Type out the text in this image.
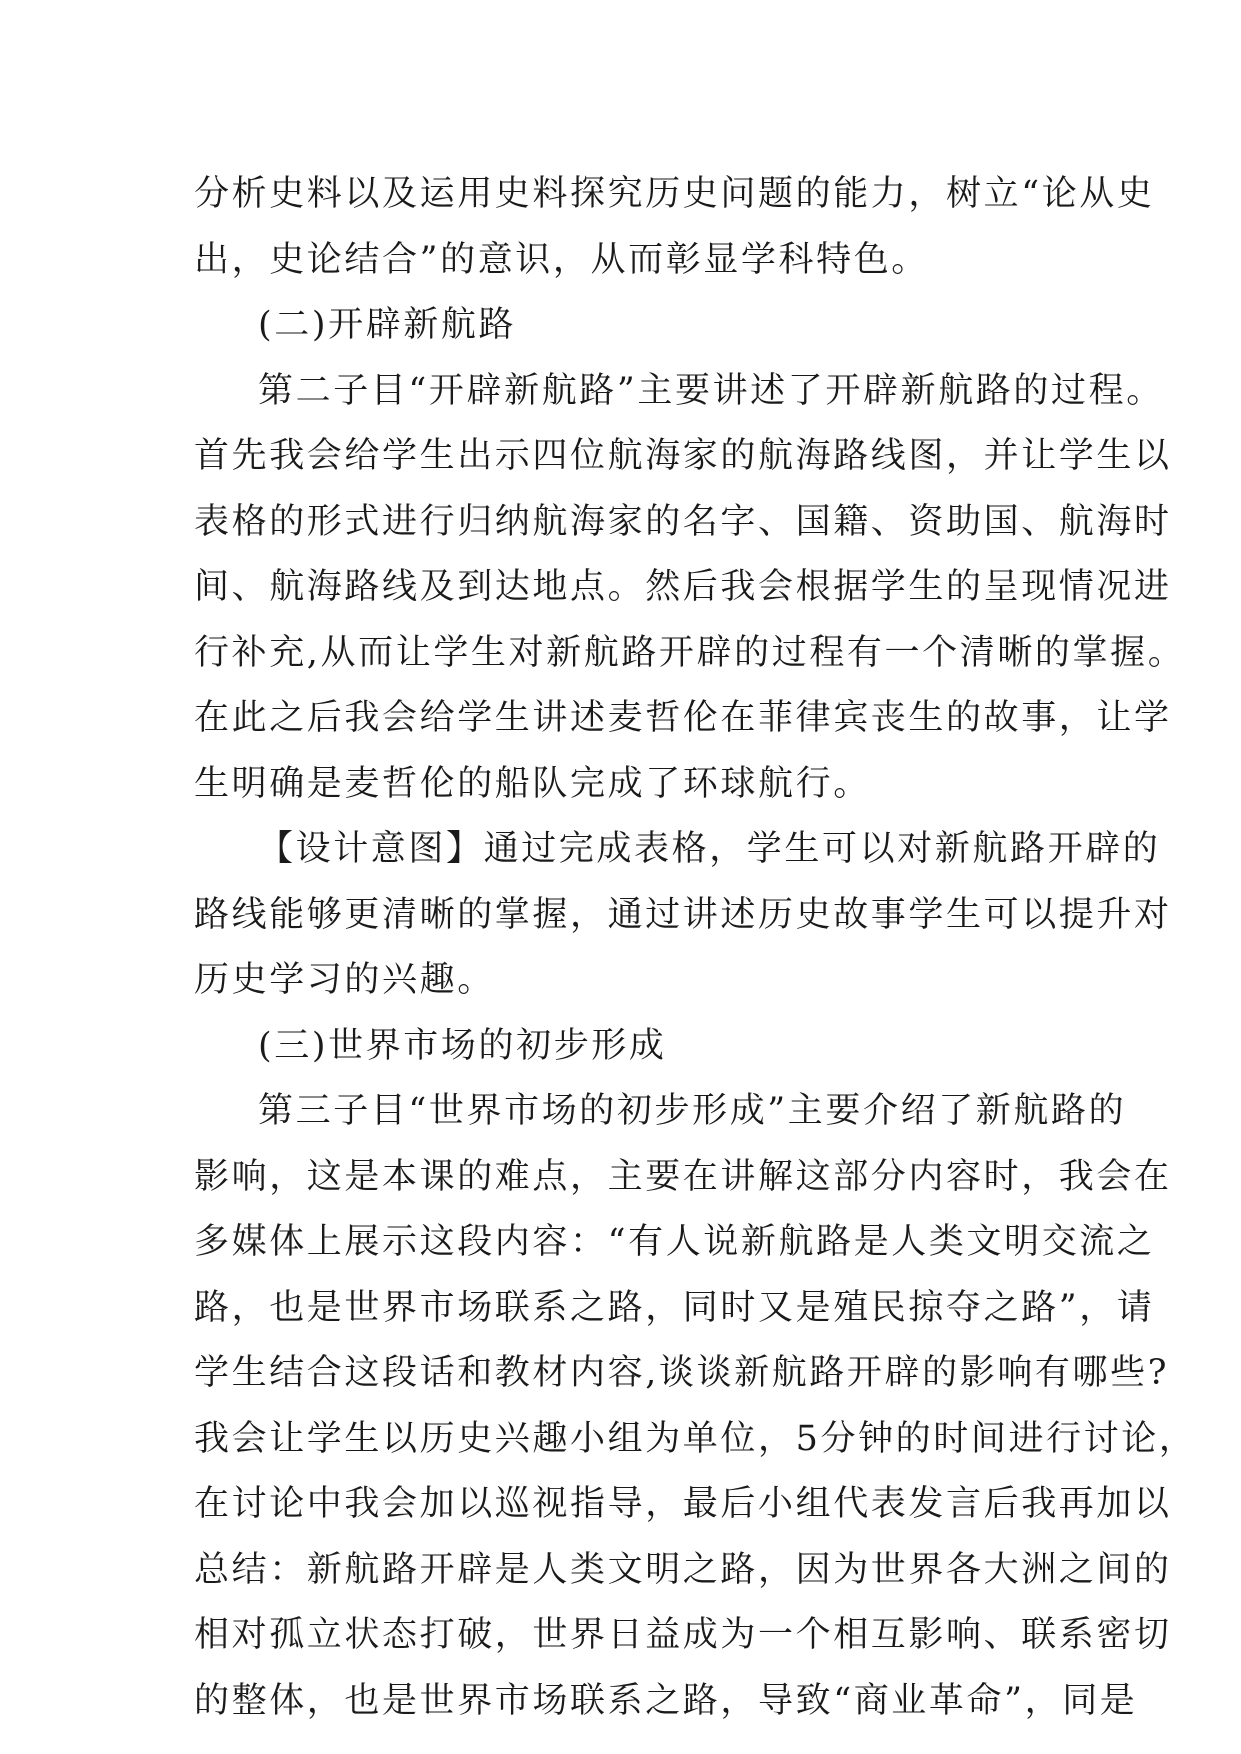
分析史料以及运用史料探究历史问题的能力，树立“论从史
出，史论结合”的意识，从而彰显学科特色。
(二)开辟新航路
第二子目“开辟新航路”主要讲述了开辟新航路的过程。
首先我会给学生出示四位航海家的航海路线图，并让学生以
表格的形式进行归纳航海家的名字、国籍、资助国、航海时
间、航海路线及到达地点。然后我会根据学生的呈现情况进
行补充,从而让学生对新航路开辟的过程有一个清晰的掌握。
在此之后我会给学生讲述麦哲伦在菲律宾丧生的故事，让学
生明确是麦哲伦的船队完成了环球航行。
【设计意图】通过完成表格，学生可以对新航路开辟的
路线能够更清晰的掌握，通过讲述历史故事学生可以提升对
历史学习的兴趣。
(三)世界市场的初步形成
第三子目“世界市场的初步形成”主要介绍了新航路的
影响，这是本课的难点，主要在讲解这部分内容时，我会在
多媒体上展示这段内容：“有人说新航路是人类文明交流之
路，也是世界市场联系之路，同时又是殖民掠夺之路”，请
学生结合这段话和教材内容,谈谈新航路开辟的影响有哪些?
我会让学生以历史兴趣小组为单位，5分钟的时间进行讨论，
在讨论中我会加以巡视指导，最后小组代表发言后我再加以
总结：新航路开辟是人类文明之路，因为世界各大洲之间的
相对孤立状态打破，世界日益成为一个相互影响、联系密切
的整体，也是世界市场联系之路，导致“商业革命”，同是
